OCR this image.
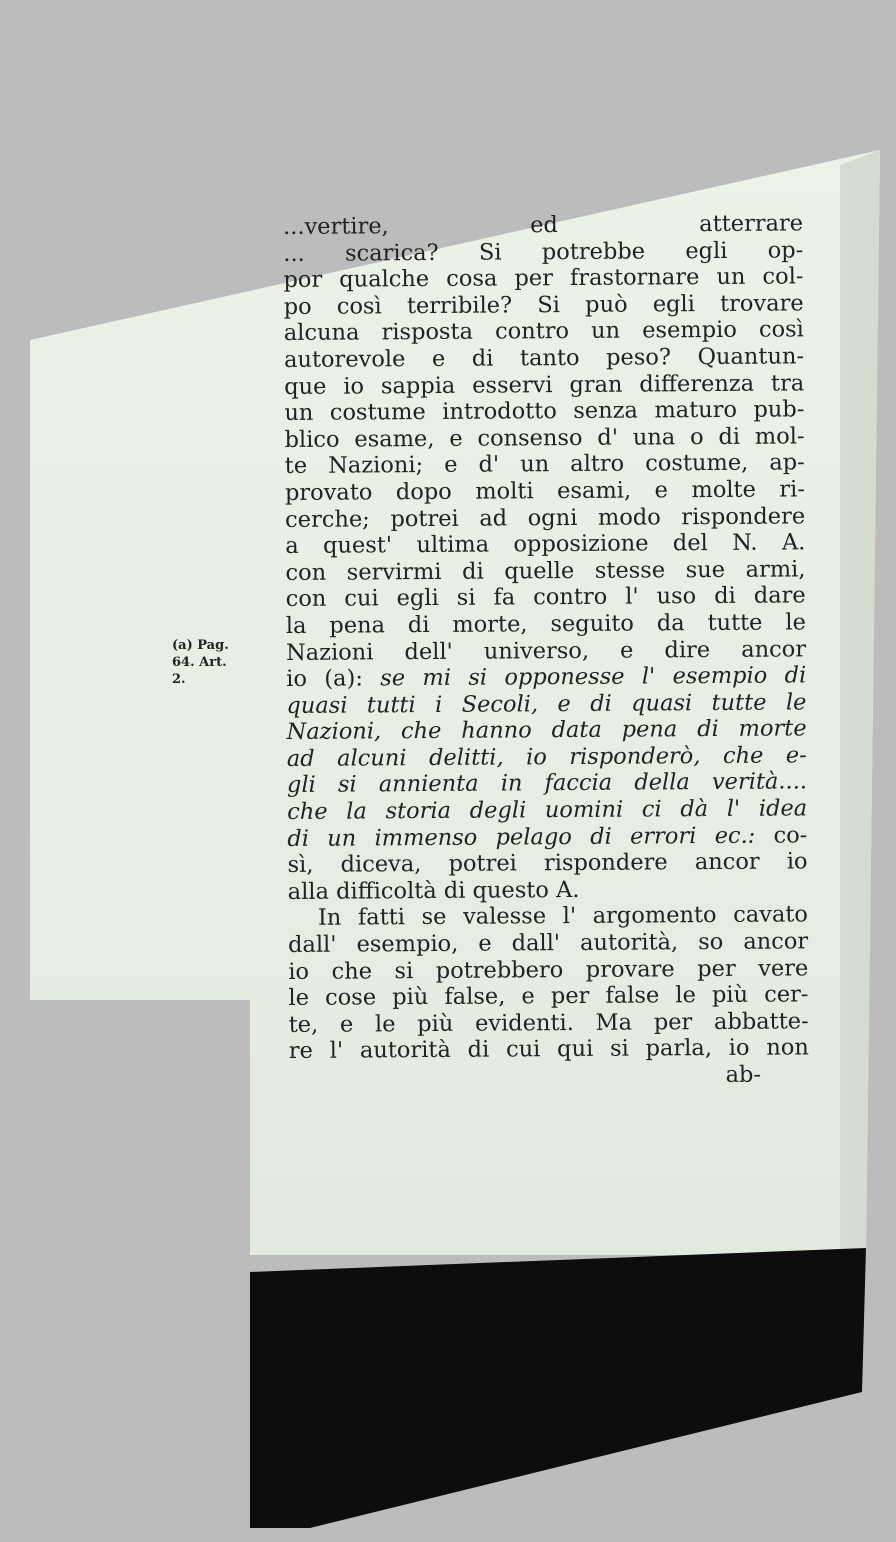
(a) Pag.
64. Art.
2.
...vertire, ed atterrare
... scarica? Si potrebbe egli op-
por qualche cosa per frastornare un col-
po così terribile? Si può egli trovare
alcuna risposta contro un esempio così
autorevole e di tanto peso? Quantun-
que io sappia esservi gran differenza tra
un costume introdotto senza maturo pub-
blico esame, e consenso d' una o di mol-
te Nazioni; e d' un altro costume, ap-
provato dopo molti esami, e molte ri-
cerche; potrei ad ogni modo rispondere
a quest' ultima opposizione del N. A.
con servirmi di quelle stesse sue armi,
con cui egli si fa contro l' uso di dare
la pena di morte, seguito da tutte le
Nazioni dell' universo, e dire ancor
io (a): se mi si opponesse l' esempio di
quasi tutti i Secoli, e di quasi tutte le
Nazioni, che hanno data pena di morte
ad alcuni delitti, io risponderò, che e-
gli si annienta in faccia della verità....
che la storia degli uomini ci dà l' idea
di un immenso pelago di errori ec.: co-
sì, diceva, potrei rispondere ancor io
alla difficoltà di questo A.
In fatti se valesse l' argomento cavato
dall' esempio, e dall' autorità, so ancor
io che si potrebbero provare per vere
le cose più false, e per false le più cer-
te, e le più evidenti. Ma per abbatte-
re l' autorità di cui qui si parla, io non
ab-
